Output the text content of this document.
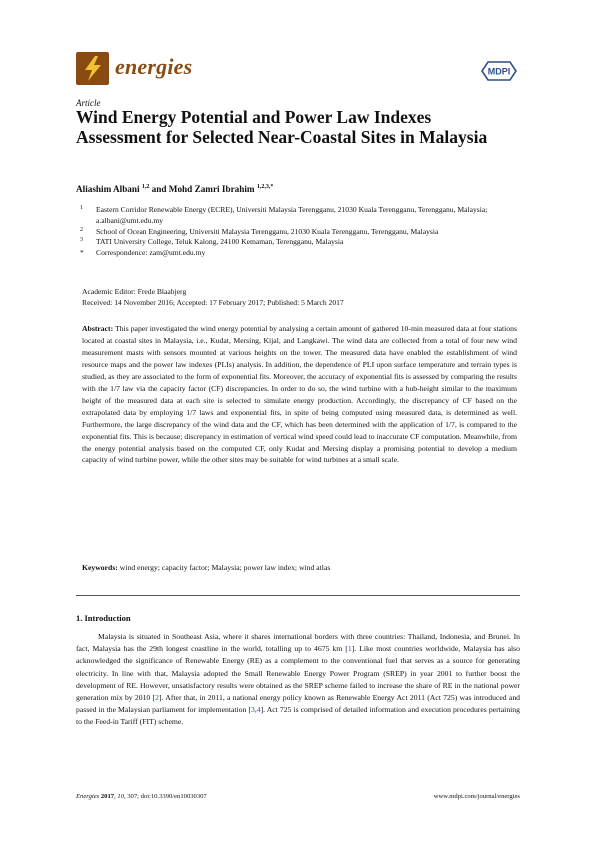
energies	MDPI
Article
Wind Energy Potential and Power Law Indexes Assessment for Selected Near-Coastal Sites in Malaysia
Aliashim Albani $^{1,2}$ and Mohd Zamri Ibrahim $^{1,2,3,*}$
1 Eastern Corridor Renewable Energy (ECRE), Universiti Malaysia Terengganu, 21030 Kuala Terengganu, Terengganu, Malaysia; a.albani@umt.edu.my
2 School of Ocean Engineering, Universiti Malaysia Terengganu, 21030 Kuala Terengganu, Terengganu, Malaysia
3 TATI University College, Teluk Kalong, 24100 Kemaman, Terengganu, Malaysia
* Correspondence: zam@umt.edu.my
Academic Editor: Frede Blaabjerg
Received: 14 November 2016; Accepted: 17 February 2017; Published: 5 March 2017
Abstract: This paper investigated the wind energy potential by analysing a certain amount of gathered 10-min measured data at four stations located at coastal sites in Malaysia, i.e., Kudat, Mersing, Kijal, and Langkawi. The wind data are collected from a total of four new wind measurement masts with sensors mounted at various heights on the tower. The measured data have enabled the establishment of wind resource maps and the power law indexes (PLIs) analysis. In addition, the dependence of PLI upon surface temperature and terrain types is studied, as they are associated to the form of exponential fits. Moreover, the accuracy of exponential fits is assessed by comparing the results with the 1/7 law via the capacity factor (CF) discrepancies. In order to do so, the wind turbine with a hub-height similar to the maximum height of the measured data at each site is selected to simulate energy production. Accordingly, the discrepancy of CF based on the extrapolated data by employing 1/7 laws and exponential fits, in spite of being computed using measured data, is determined as well. Furthermore, the large discrepancy of the wind data and the CF, which has been determined with the application of 1/7, is compared to the exponential fits. This is because; discrepancy in estimation of vertical wind speed could lead to inaccurate CF computation. Meanwhile, from the energy potential analysis based on the computed CF, only Kudat and Mersing display a promising potential to develop a medium capacity of wind turbine power, while the other sites may be suitable for wind turbines at a small scale.
Keywords: wind energy; capacity factor; Malaysia; power law index; wind atlas
1. Introduction
Malaysia is situated in Southeast Asia, where it shares international borders with three countries: Thailand, Indonesia, and Brunei. In fact, Malaysia has the 29th longest coastline in the world, totalling up to 4675 km [1]. Like most countries worldwide, Malaysia has also acknowledged the significance of Renewable Energy (RE) as a complement to the conventional fuel that serves as a source for generating electricity. In line with that, Malaysia adopted the Small Renewable Energy Power Program (SREP) in year 2001 to further boost the development of RE. However, unsatisfactory results were obtained as the SREP scheme failed to increase the share of RE in the national power generation mix by 2010 [2]. After that, in 2011, a national energy policy known as Renewable Energy Act 2011 (Act 725) was introduced and passed in the Malaysian parliament for implementation [3,4]. Act 725 is comprised of detailed information and execution procedures pertaining to the Feed-in Tariff (FIT) scheme.
Energies 2017, 10, 307; doi:10.3390/en10030307	www.mdpi.com/journal/energies
